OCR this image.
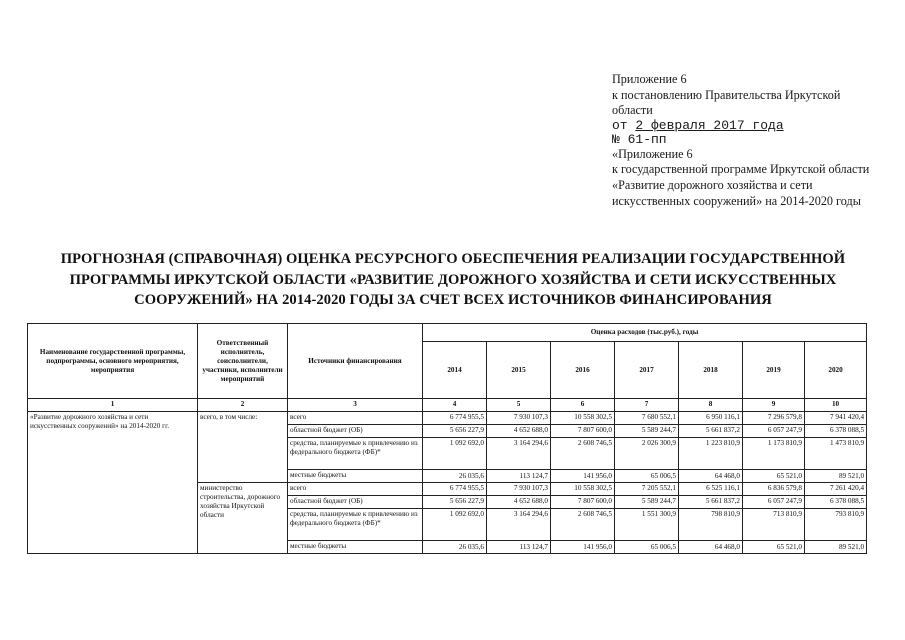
Приложение 6
к постановлению Правительства Иркутской
области
от 2 февраля 2017 года
№ 61-пп
«Приложение 6
к государственной программе Иркутской области «Развитие дорожного хозяйства и сети искусственных сооружений» на 2014-2020 годы
ПРОГНОЗНАЯ (СПРАВОЧНАЯ) ОЦЕНКА РЕСУРСНОГО ОБЕСПЕЧЕНИЯ РЕАЛИЗАЦИИ ГОСУДАРСТВЕННОЙ ПРОГРАММЫ ИРКУТСКОЙ ОБЛАСТИ «РАЗВИТИЕ ДОРОЖНОГО ХОЗЯЙСТВА И СЕТИ ИСКУССТВЕННЫХ СООРУЖЕНИЙ» НА 2014-2020 ГОДЫ ЗА СЧЕТ ВСЕХ ИСТОЧНИКОВ ФИНАНСИРОВАНИЯ
Наименование государственной программы, подпрограммы, основного мероприятия, мероприятия	Ответственный исполнитель, соисполнители, участники, исполнители мероприятий	Источники финансирования	Оценка расходов (тыс.руб.), годы						
			2014	2015	2016	2017	2018	2019	2020
1	2	3	4	5	6	7	8	9	10
«Развитие дорожного хозяйства и сети искусственных сооружений» на 2014-2020 гг.	всего, в том числе:	всего	6 774 955,5	7 930 107,3	10 558 302,5	7 680 552,1	6 950 116,1	7 296 579,8	7 941 420,4
		областной бюджет (ОБ)	5 656 227,9	4 652 688,0	7 807 600,0	5 589 244,7	5 661 837,2	6 057 247,9	6 378 088,5
		средства, планируемые к привлечению из федерального бюджета (ФБ)*	1 092 692,0	3 164 294,6	2 608 746,5	2 026 300,9	1 223 810,9	1 173 810,9	1 473 810,9
		местные бюджеты	26 035,6	113 124,7	141 956,0	65 006,5	64 468,0	65 521,0	89 521,0
	министерство строительства, дорожного хозяйства Иркутской области	всего	6 774 955,5	7 930 107,3	10 558 302,5	7 205 552,1	6 525 116,1	6 836 579,8	7 261 420,4
		областной бюджет (ОБ)	5 656 227,9	4 652 688,0	7 807 600,0	5 589 244,7	5 661 837,2	6 057 247,9	6 378 088,5
		средства, планируемые к привлечению из федерального бюджета (ФБ)*	1 092 692,0	3 164 294,6	2 608 746,5	1 551 300,9	798 810,9	713 810,9	793 810,9
		местные бюджеты	26 035,6	113 124,7	141 956,0	65 006,5	64 468,0	65 521,0	89 521,0
